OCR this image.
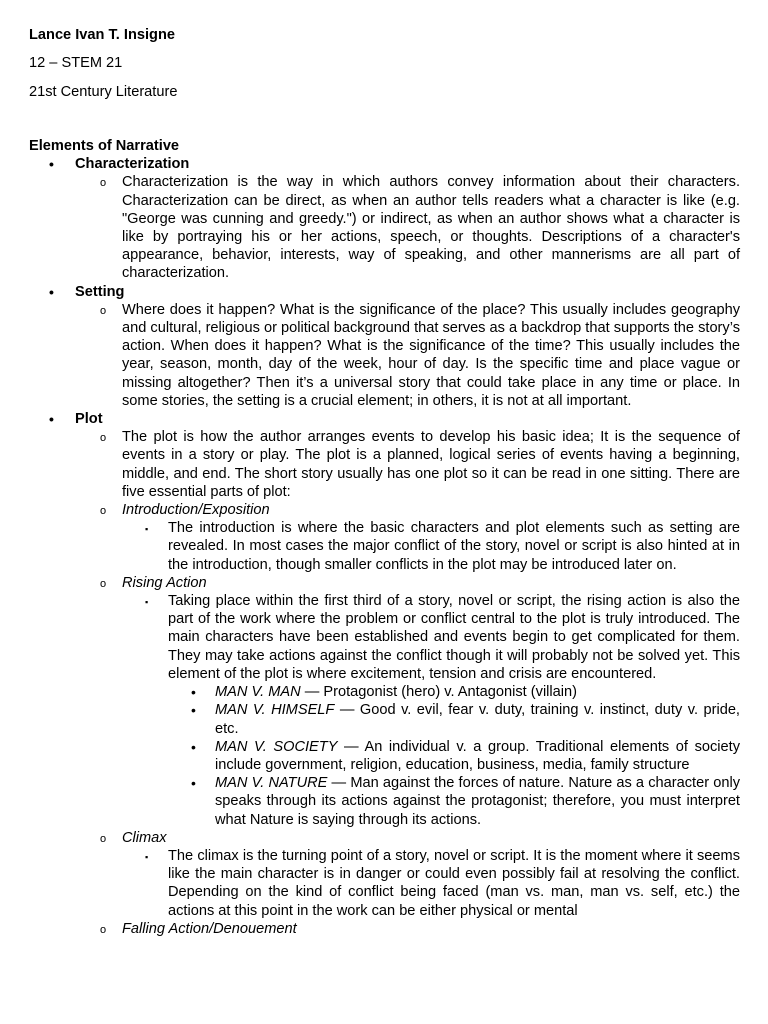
Lance Ivan T. Insigne
12 – STEM 21
21st Century Literature
Elements of Narrative
• Characterization
o Characterization is the way in which authors convey information about their characters. Characterization can be direct, as when an author tells readers what a character is like (e.g. "George was cunning and greedy.") or indirect, as when an author shows what a character is like by portraying his or her actions, speech, or thoughts. Descriptions of a character's appearance, behavior, interests, way of speaking, and other mannerisms are all part of characterization.
• Setting
o Where does it happen? What is the significance of the place? This usually includes geography and cultural, religious or political background that serves as a backdrop that supports the story’s action. When does it happen? What is the significance of the time? This usually includes the year, season, month, day of the week, hour of day. Is the specific time and place vague or missing altogether? Then it’s a universal story that could take place in any time or place. In some stories, the setting is a crucial element; in others, it is not at all important.
• Plot
o The plot is how the author arranges events to develop his basic idea; It is the sequence of events in a story or play. The plot is a planned, logical series of events having a beginning, middle, and end. The short story usually has one plot so it can be read in one sitting. There are five essential parts of plot:
o Introduction/Exposition
▪ The introduction is where the basic characters and plot elements such as setting are revealed. In most cases the major conflict of the story, novel or script is also hinted at in the introduction, though smaller conflicts in the plot may be introduced later on.
o Rising Action
▪ Taking place within the first third of a story, novel or script, the rising action is also the part of the work where the problem or conflict central to the plot is truly introduced. The main characters have been established and events begin to get complicated for them. They may take actions against the conflict though it will probably not be solved yet. This element of the plot is where excitement, tension and crisis are encountered.
• MAN V. MAN — Protagonist (hero) v. Antagonist (villain)
• MAN V. HIMSELF — Good v. evil, fear v. duty, training v. instinct, duty v. pride, etc.
• MAN V. SOCIETY — An individual v. a group. Traditional elements of society include government, religion, education, business, media, family structure
• MAN V. NATURE — Man against the forces of nature. Nature as a character only speaks through its actions against the protagonist; therefore, you must interpret what Nature is saying through its actions.
o Climax
▪ The climax is the turning point of a story, novel or script. It is the moment where it seems like the main character is in danger or could even possibly fail at resolving the conflict. Depending on the kind of conflict being faced (man vs. man, man vs. self, etc.) the actions at this point in the work can be either physical or mental
o Falling Action/Denouement
